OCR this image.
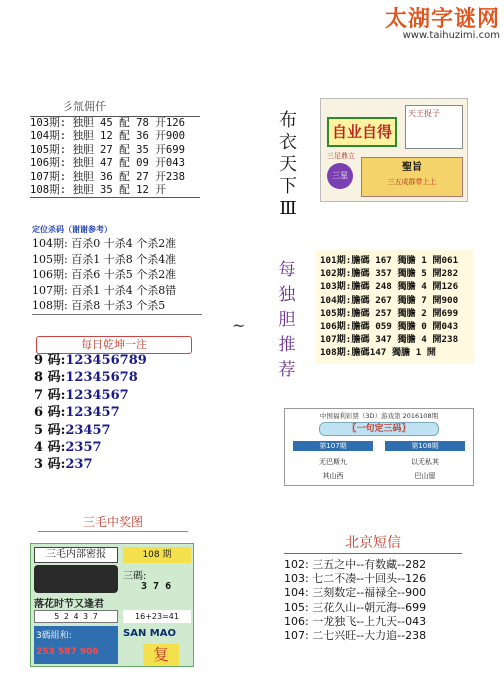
太湖字谜网
www.taihuzimi.com
彡氚佣仟
103期: 独胆 45 配 78 开126
104期: 独胆 12 配 36 开900
105期: 独胆 27 配 35 开699
106期: 独胆 47 配 09 开043
107期: 独胆 36 配 27 开238
108期: 独胆 35 配 12 开
定位杀码（谢谢参考）
104期: 百杀0 十杀4 个杀2准
105期: 百杀1 十杀8 个杀4准
106期: 百杀6 十杀5 个杀2准
107期: 百杀1 十杀4 个杀8错
108期: 百杀8 十杀3 个杀5
每日乾坤一注
9 码:123456789
8 码:12345678
7 码:1234567
6 码:123457
5 码:23457
4 码:2357
3 码:237
三毛中奖图
三毛内部密报	108 期
三碼:
3 7 6
落花时节又逢君
5 2 4 3 7	16+23=41
3碼組和:
253 587 906
SAN MAO
复
布衣天下Ⅲ
自业自得
天王捉子
三足鼎立
三星
聖旨
三五成群带上上
~
每独胆推荐
101期:膽碼 167 獨膽 1 開061
102期:膽碼 357 獨膽 5 開282
103期:膽碼 248 獨膽 4 開126
104期:膽碼 267 獨膽 7 開900
105期:膽碼 257 獨膽 2 開699
106期:膽碼 059 獨膽 0 開043
107期:膽碼 347 獨膽 4 開238
108期:膽碼147 獨膽 1 開
中国福利彩票（3D）游戏第 2016108期
〖一句定三码〗
第107期
无巴斯九
其山西
第108期
以无私其
巴山留
北京短信
102: 三五之中--有数藏--282
103: 七二不凑--十回头--126
104: 三刻数定--福禄全--900
105: 三花久山--朝元海--699
106: 一龙独飞--上九天--043
107: 二七兴旺--大力追--238
